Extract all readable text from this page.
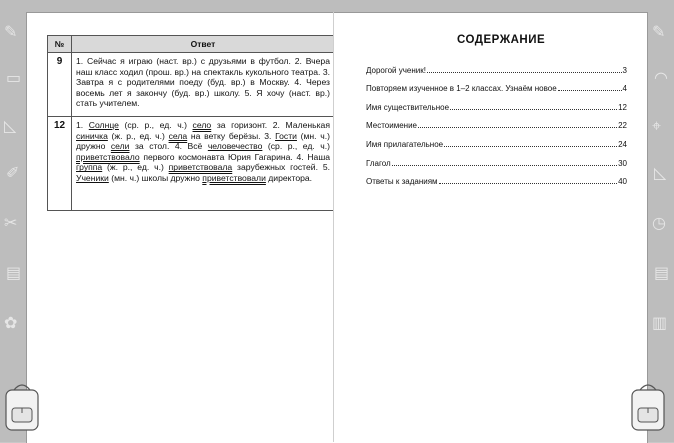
✎
▭
◺
✐
✂
▤
✿
✎
◠
⌖
◺
◷
▤
▥
№	Ответ
9	1. Сейчас я играю (наст. вр.) с друзьями в футбол. 2. Вчера наш класс ходил (прош. вр.) на спектакль кукольного театра. 3. Завтра я с родителями поеду (буд. вр.) в Москву. 4. Через восемь лет я закончу (буд. вр.) школу. 5. Я хочу (наст. вр.) стать учителем.
12	1. Солнце (ср. р., ед. ч.) село за горизонт. 2. Маленькая синичка (ж. р., ед. ч.) села на ветку берёзы. 3. Гости (мн. ч.) дружно сели за стол. 4. Всё человечество (ср. р., ед. ч.) приветствовало первого космонавта Юрия Гагарина. 4. Наша группа (ж. р., ед. ч.) приветствовала зарубежных гостей. 5. Ученики (мн. ч.) школы дружно приветствовали директора.
СОДЕРЖАНИЕ
Дорогой ученик!	3
Повторяем изученное в 1–2 классах. Узнаём новое	4
Имя существительное	12
Местоимение	22
Имя прилагательное	24
Глагол	30
Ответы к заданиям	40
